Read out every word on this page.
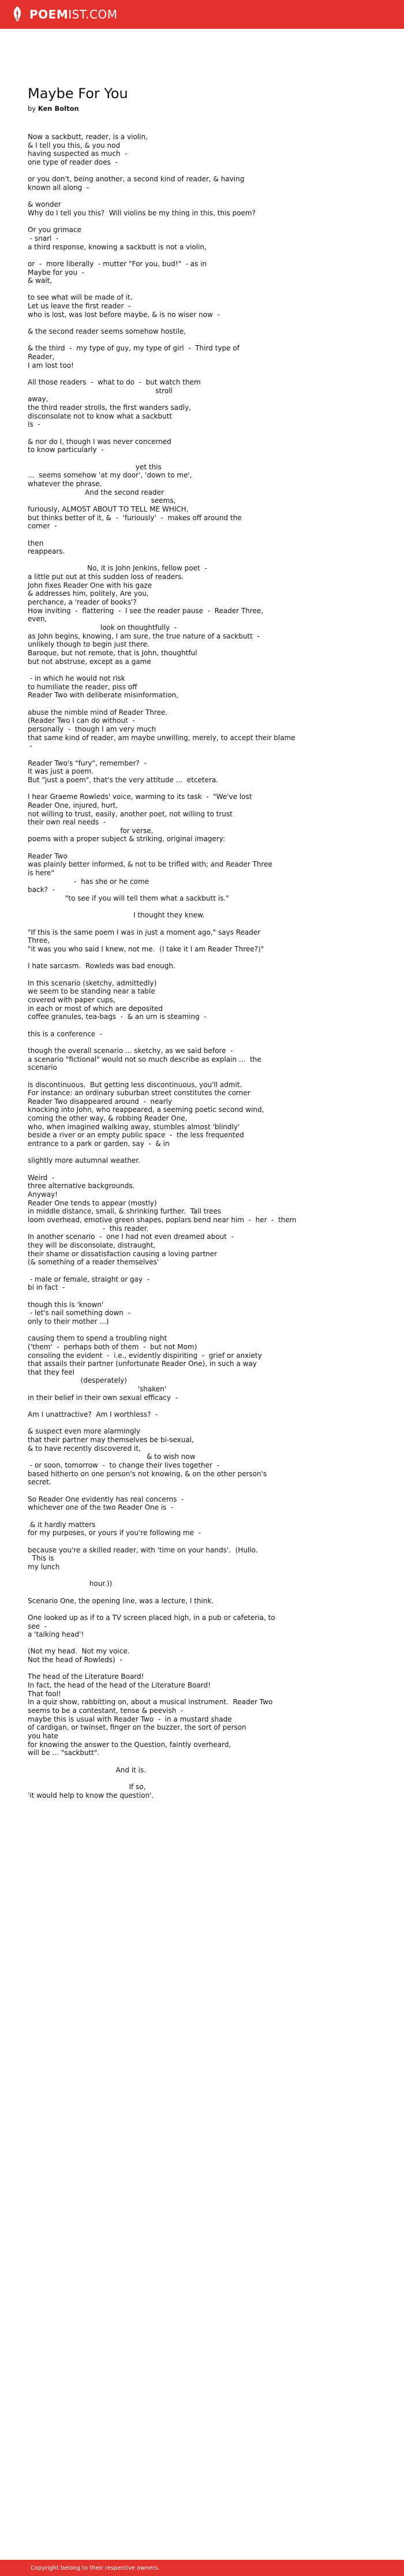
POEMIST.COM
Maybe For You

by Ken Bolton

Now a sackbutt, reader, is a violin,
& I tell you this, & you nod
having suspected as much  -
one type of reader does  -
or you don't, being another, a second kind of reader, & having
known all along  -
& wonder
Why do I tell you this?  Will violins be my thing in this, this poem?
Or you grimace
- snarl  -
a third response, knowing a sackbutt is not a violin,
or  -  more liberally  - mutter "For you, bud!"  - as in
Maybe for you  -
& wait,
to see what will be made of it.
Let us leave the first reader  -
who is lost, was lost before maybe, & is no wiser now  -
& the second reader seems somehow hostile,
& the third  -  my type of guy, my type of girl  -  Third type of
Reader,
I am lost too!
All those readers  -  what to do  -  but watch them
stroll
away,
the third reader strolls, the first wanders sadly,
disconsolate not to know what a sackbutt
is  -
& nor do I, though I was never concerned
to know particularly  -
yet this
...  seems somehow 'at my door', 'down to me',
whatever the phrase.
And the second reader
seems,
furiously, ALMOST ABOUT TO TELL ME WHICH,
but thinks better of it, &  -  'furiously'  -  makes off around the
corner  -
then
reappears.
No, it is John Jenkins, fellow poet  -
a little put out at this sudden loss of readers.
John fixes Reader One with his gaze
& addresses him, politely, Are you,
perchance, a 'reader of books'?
How inviting  -  flattering  -  I see the reader pause  -  Reader Three,
even,
look on thoughtfully  -
as John begins, knowing, I am sure, the true nature of a sackbutt  -
unlikely though to begin just there.
Baroque, but not remote, that is John, thoughtful
but not abstruse, except as a game
- in which he would not risk
to humiliate the reader, piss off
Reader Two with deliberate misinformation,
abuse the nimble mind of Reader Three.
(Reader Two I can do without  -
personally  -  though I am very much
that same kind of reader, am maybe unwilling, merely, to accept their blame
-
Reader Two's "fury", remember?  -
It was just a poem.
But "just a poem", that's the very attitude ...  etcetera.
I hear Graeme Rowleds' voice, warming to its task  -  "We've lost
Reader One, injured, hurt,
not willing to trust, easily, another poet, not willing to trust
their own real needs  -
for verse,
poems with a proper subject & striking, original imagery:
Reader Two
was plainly better informed, & not to be trifled with; and Reader Three
is here"
-  has she or he come
back?  -
"to see if you will tell them what a sackbutt is."
I thought they knew.
"If this is the same poem I was in just a moment ago," says Reader
Three,
"it was you who said I knew, not me.  (I take it I am Reader Three?)"
I hate sarcasm.  Rowleds was bad enough.
In this scenario (sketchy, admittedly)
we seem to be standing near a table
covered with paper cups,
in each or most of which are deposited
coffee granules, tea-bags  -  & an urn is steaming  -
this is a conference  -
though the overall scenario ... sketchy, as we said before  -
a scenario "fictional" would not so much describe as explain ...  the
scenario
is discontinuous.  But getting less discontinuous, you'll admit.
For instance: an ordinary suburban street constitutes the corner
Reader Two disappeared around  -  nearly
knocking into John, who reappeared, a seeming poetic second wind,
coming the other way, & robbing Reader One,
who, when imagined walking away, stumbles almost 'blindly'
beside a river or an empty public space  -  the less frequented
entrance to a park or garden, say  -  & in
slightly more autumnal weather.
Weird  -
three alternative backgrounds.
Anyway!
Reader One tends to appear (mostly)
in middle distance, small, & shrinking further.  Tall trees
loom overhead, emotive green shapes, poplars bend near him  -  her  -  them
-  this reader.
In another scenario  -  one I had not even dreamed about  -
they will be disconsolate, distraught,
their shame or dissatisfaction causing a loving partner
(& something of a reader themselves'
- male or female, straight or gay  -
bi in fact  -
though this is 'known'
- let's nail something down  -
only to their mother ...)
causing them to spend a troubling night
('them'  -  perhaps both of them  -  but not Mom)
consoling the evident  -  i.e., evidently dispiriting  -  grief or anxiety
that assails their partner (unfortunate Reader One), in such a way
that they feel
(desperately)
'shaken'
in their belief in their own sexual efficacy  -
Am I unattractive?  Am I worthless?  -
& suspect even more alarmingly
that their partner may themselves be bi-sexual,
& to have recently discovered it,
& to wish now
- or soon, tomorrow  -  to change their lives together  -
based hitherto on one person's not knowing, & on the other person's
secret.
So Reader One evidently has real concerns  -
whichever one of the two Reader One is  -
& it hardly matters
for my purposes, or yours if you're following me  -
because you're a skilled reader, with 'time on your hands'.  (Hullo.
This is
my lunch
hour.))
Scenario One, the opening line, was a lecture, I think.
One looked up as if to a TV screen placed high, in a pub or cafeteria, to
see  -
a 'talking head'!
(Not my head.  Not my voice.
Not the head of Rowleds)  -
The head of the Literature Board!
In fact, the head of the head of the Literature Board!
That fool!
In a quiz show, rabbitting on, about a musical instrument.  Reader Two
seems to be a contestant, tense & peevish  -
maybe this is usual with Reader Two  -  in a mustard shade
of cardigan, or twinset, finger on the buzzer, the sort of person
you hate
for knowing the answer to the Question, faintly overheard,
will be ... "sackbutt".
And it is.
If so,
'it would help to know the question'.
Copyright belong to their respective owners.
